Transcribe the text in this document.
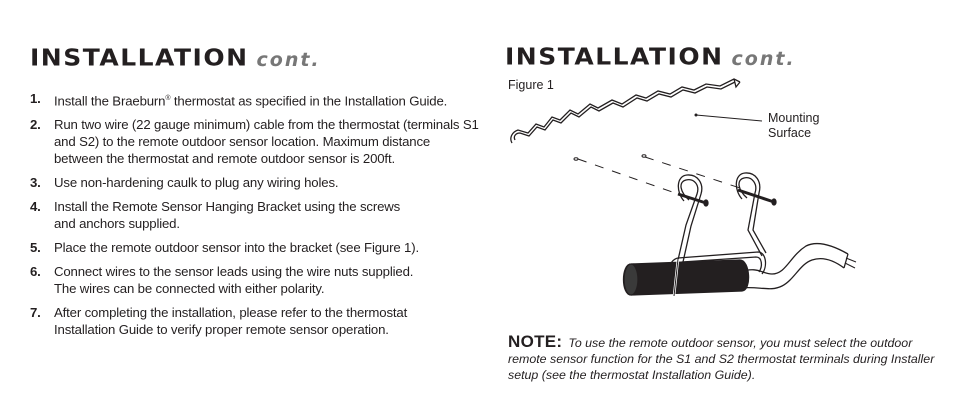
INSTALLATION cont.
1.	Install the Braeburn® thermostat as specified in the Installation Guide.
2.	Run two wire (22 gauge minimum) cable from the thermostat (terminals S1 and S2) to the remote outdoor sensor location. Maximum distance between the thermostat and remote outdoor sensor is 200ft.
3.	Use non-hardening caulk to plug any wiring holes.
4.	Install the Remote Sensor Hanging Bracket using the screws and anchors supplied.
5.	Place the remote outdoor sensor into the bracket (see Figure 1).
6.	Connect wires to the sensor leads using the wire nuts supplied. The wires can be connected with either polarity.
7.	After completing the installation, please refer to the thermostat Installation Guide to verify proper remote sensor operation.
INSTALLATION cont.
Figure 1
Mounting
Surface
NOTE: To use the remote outdoor sensor, you must select the outdoor remote sensor function for the S1 and S2 thermostat terminals during Installer setup (see the thermostat Installation Guide).
